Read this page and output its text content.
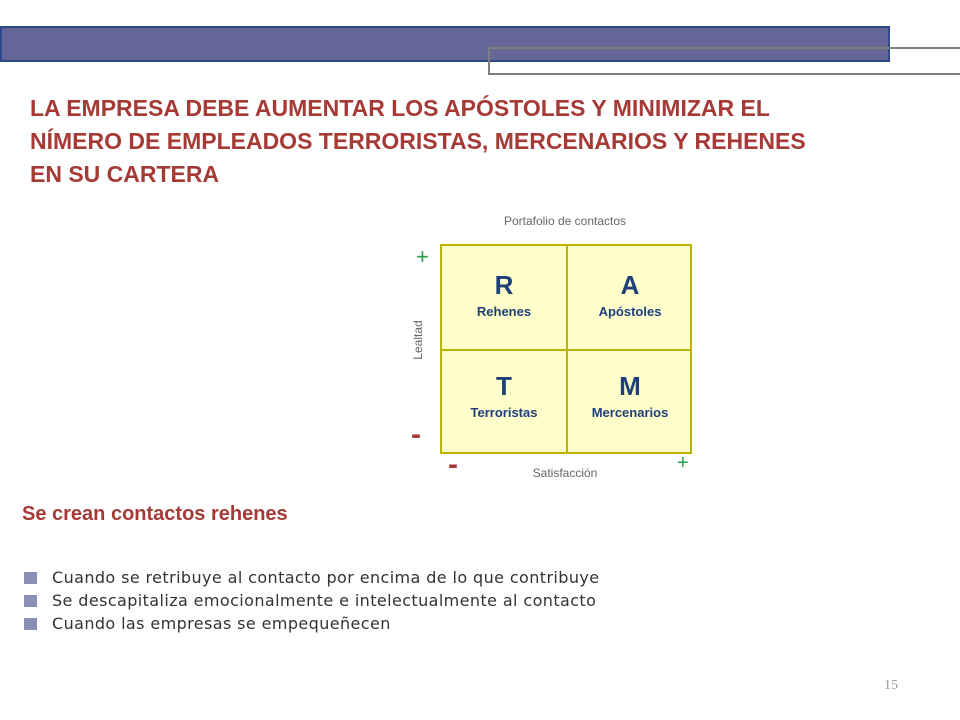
LA EMPRESA DEBE AUMENTAR LOS APÓSTOLES Y MINIMIZAR EL
NÍMERO DE EMPLEADOS TERRORISTAS, MERCENARIOS Y REHENES
EN SU CARTERA
Portafolio de contactos
R
Rehenes
A
Apóstoles
T
Terroristas
M
Mercenarios
Lealtad
+
-
-	+
Satisfacción
Se crean contactos rehenes
Cuando se retribuye al contacto por encima de lo que contribuye
Se descapitaliza emocionalmente e intelectualmente al contacto
Cuando las empresas se empequeñecen
15
